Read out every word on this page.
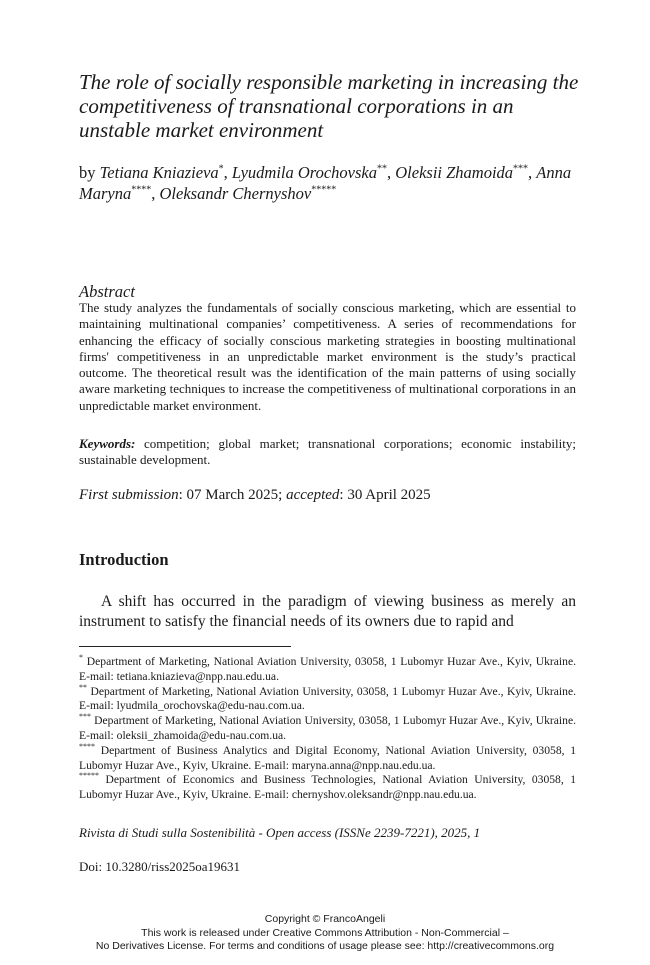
The role of socially responsible marketing in increasing the competitiveness of transnational corporations in an unstable market environment
by Tetiana Kniazieva*, Lyudmila Orochovska**, Oleksii Zhamoida***, Anna Maryna****, Oleksandr Chernyshov*****
Abstract
The study analyzes the fundamentals of socially conscious marketing, which are essential to maintaining multinational companies’ competitiveness. A series of recommendations for enhancing the efficacy of socially conscious marketing strategies in boosting multinational firms' competitiveness in an unpredictable market environment is the study’s practical outcome. The theoretical result was the identification of the main patterns of using socially aware marketing techniques to increase the competitiveness of multinational corporations in an unpredictable market environment.
Keywords: competition; global market; transnational corporations; economic instability; sustainable development.
First submission: 07 March 2025; accepted: 30 April 2025
Introduction
A shift has occurred in the paradigm of viewing business as merely an instrument to satisfy the financial needs of its owners due to rapid and
* Department of Marketing, National Aviation University, 03058, 1 Lubomyr Huzar Ave., Kyiv, Ukraine. E-mail: tetiana.kniazieva@npp.nau.edu.ua.
** Department of Marketing, National Aviation University, 03058, 1 Lubomyr Huzar Ave., Kyiv, Ukraine. E-mail: lyudmila_orochovska@edu-nau.com.ua.
*** Department of Marketing, National Aviation University, 03058, 1 Lubomyr Huzar Ave., Kyiv, Ukraine. E-mail: oleksii_zhamoida@edu-nau.com.ua.
**** Department of Business Analytics and Digital Economy, National Aviation University, 03058, 1 Lubomyr Huzar Ave., Kyiv, Ukraine. E-mail: maryna.anna@npp.nau.edu.ua.
***** Department of Economics and Business Technologies, National Aviation University, 03058, 1 Lubomyr Huzar Ave., Kyiv, Ukraine. E-mail: chernyshov.oleksandr@npp.nau.edu.ua.
Rivista di Studi sulla Sostenibilità - Open access (ISSNe 2239-7221), 2025, 1
Doi: 10.3280/riss2025oa19631
Copyright © FrancoAngeli
This work is released under Creative Commons Attribution - Non-Commercial –
No Derivatives License. For terms and conditions of usage please see: http://creativecommons.org
